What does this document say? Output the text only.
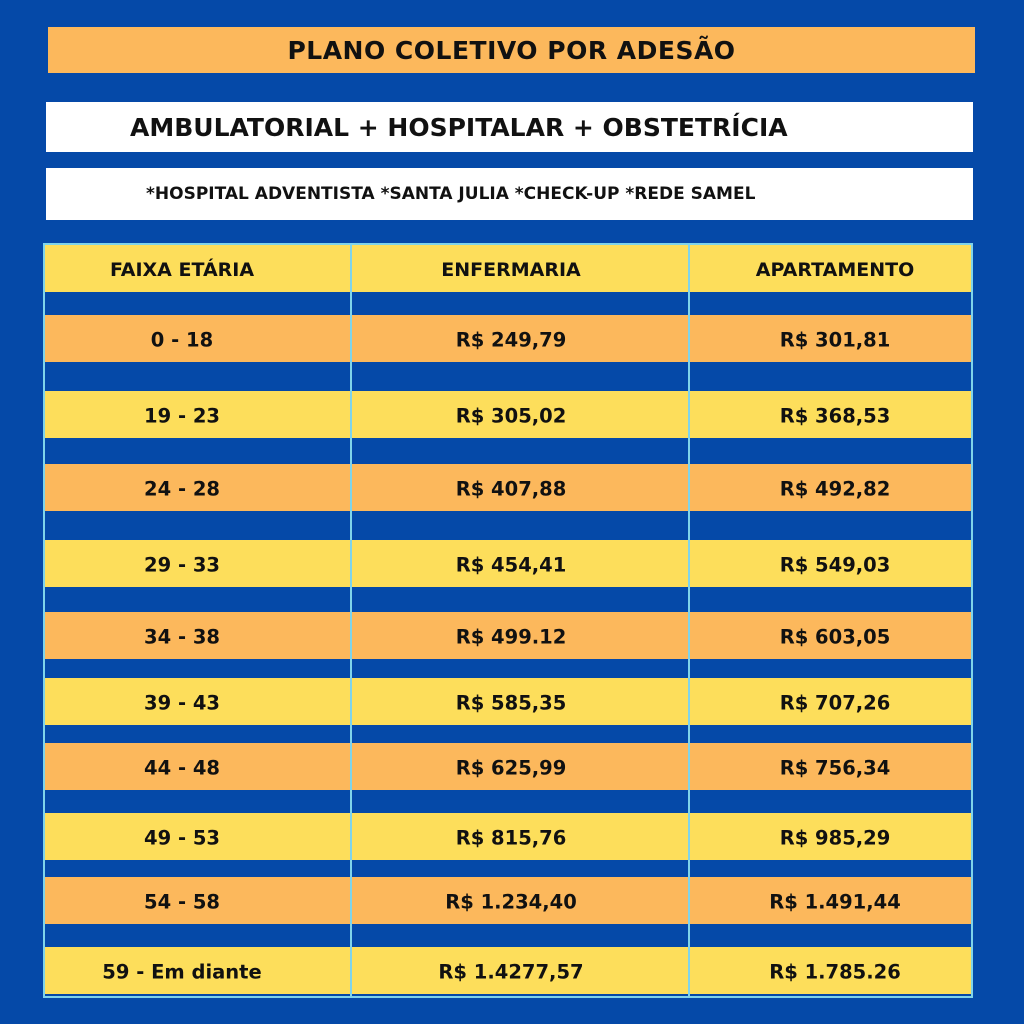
PLANO COLETIVO POR ADESÃO
AMBULATORIAL + HOSPITALAR + OBSTETRÍCIA
*HOSPITAL ADVENTISTA *SANTA JULIA *CHECK-UP *REDE SAMEL
FAIXA ETÁRIA	ENFERMARIA	APARTAMENTO
0 - 18	R$ 249,79	R$ 301,81
19 - 23	R$ 305,02	R$ 368,53
24 - 28	R$ 407,88	R$ 492,82
29 - 33	R$ 454,41	R$ 549,03
34 - 38	R$ 499.12	R$ 603,05
39 - 43	R$ 585,35	R$ 707,26
44 - 48	R$ 625,99	R$ 756,34
49 - 53	R$ 815,76	R$ 985,29
54 - 58	R$ 1.234,40	R$ 1.491,44
59 - Em diante	R$ 1.4277,57	R$ 1.785.26
